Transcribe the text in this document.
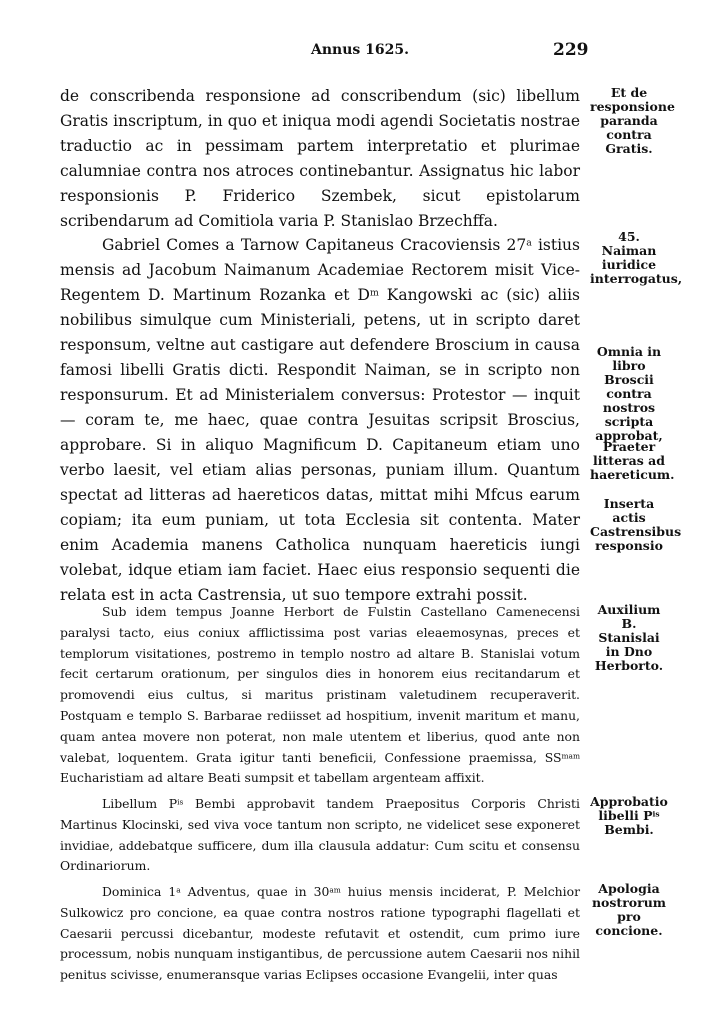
Annus 1625.	229

de conscribenda responsione ad conscribendum (sic) libellum Gratis inscriptum, in quo et iniqua modi agendi Societatis nostrae traductio ac in pessimam partem interpretatio et plurimae calumniae contra nos atroces continebantur. Assignatus hic labor responsionis P. Friderico Szembek, sicut epistolarum scribendarum ad Comitiola varia P. Stanislao Brzechffa.

Gabriel Comes a Tarnow Capitaneus Cracoviensis 27$^a$ istius mensis ad Jacobum Naimanum Academiae Rectorem misit Vice-Regentem D. Martinum Rozanka et $D^m$ Kangowski ac (sic) aliis nobilibus simulque cum Ministeriali, petens, ut in scripto daret responsum, veltne aut castigare aut defendere Broscium in causa famosi libelli Gratis dicti. Respondit Naiman, se in scripto non responsurum. Et ad Ministerialem conversus: Protestor — inquit — coram te, me haec, quae contra Jesuitas scripsit Broscius, approbare. Si in aliquo Magnificum D. Capitaneum etiam uno verbo laesit, vel etiam alias personas, puniam illum. Quantum spectat ad litteras ad haereticos datas, mittat mihi Mfcus earum copiam; ita eum puniam, ut tota Ecclesia sit contenta. Mater enim Academia manens Catholica nunquam haereticis iungi volebat, idque etiam iam faciet. Haec eius responsio sequenti die relata est in acta Castrensia, ut suo tempore extrahi possit.

Sub idem tempus Joanne Herbort de Fulstin Castellano Camenecensi paralysi tacto, eius coniux afflictissima post varias eleaemosynas, preces et templorum visitationes, postremo in templo nostro ad altare B. Stanislai votum fecit certarum orationum, per singulos dies in honorem eius recitandarum et promovendi eius cultus, si maritus pristinam valetudinem recuperaverit. Postquam e templo S. Barbarae rediisset ad hospitium, invenit maritum et manu, quam antea movere non poterat, non male utentem et liberius, quod ante non valebat, loquentem. Grata igitur tanti beneficii, Confessione praemissa, $SS^{mam}$ Eucharistiam ad altare Beati sumpsit et tabellam argenteam affixit.

Libellum $P^{is}$ Bembi approbavit tandem Praepositus Corporis Christi Martinus Klocinski, sed viva voce tantum non scripto, ne videlicet sese exponeret invidiae, addebatque sufficere, dum illa clausula addatur: Cum scitu et consensu Ordinariorum.

Dominica 1$^a$ Adventus, quae in $30^{am}$ huius mensis inciderat, P. Melchior Sulkowicz pro concione, ea quae contra nostros ratione typographi flagellati et Caesarii percussi dicebantur, modeste refutavit et ostendit, cum primo iure processum, nobis nunquam instigantibus, de percussione autem Caesarii nos nihil penitus scivisse, enumeransque varias Eclipses occasione Evangelii, inter quas

Et de responsione paranda contra Gratis.
45.
Naiman iuridice interrogatus,
Omnia in libro Broscii contra nostros scripta approbat,
Praeter litteras ad haereticum.
Inserta actis Castrensibus responsio
Auxilium B. Stanislai in Dno Herborto.
Approbatio libelli $P^{is}$ Bembi.
Apologia nostrorum pro concione.
